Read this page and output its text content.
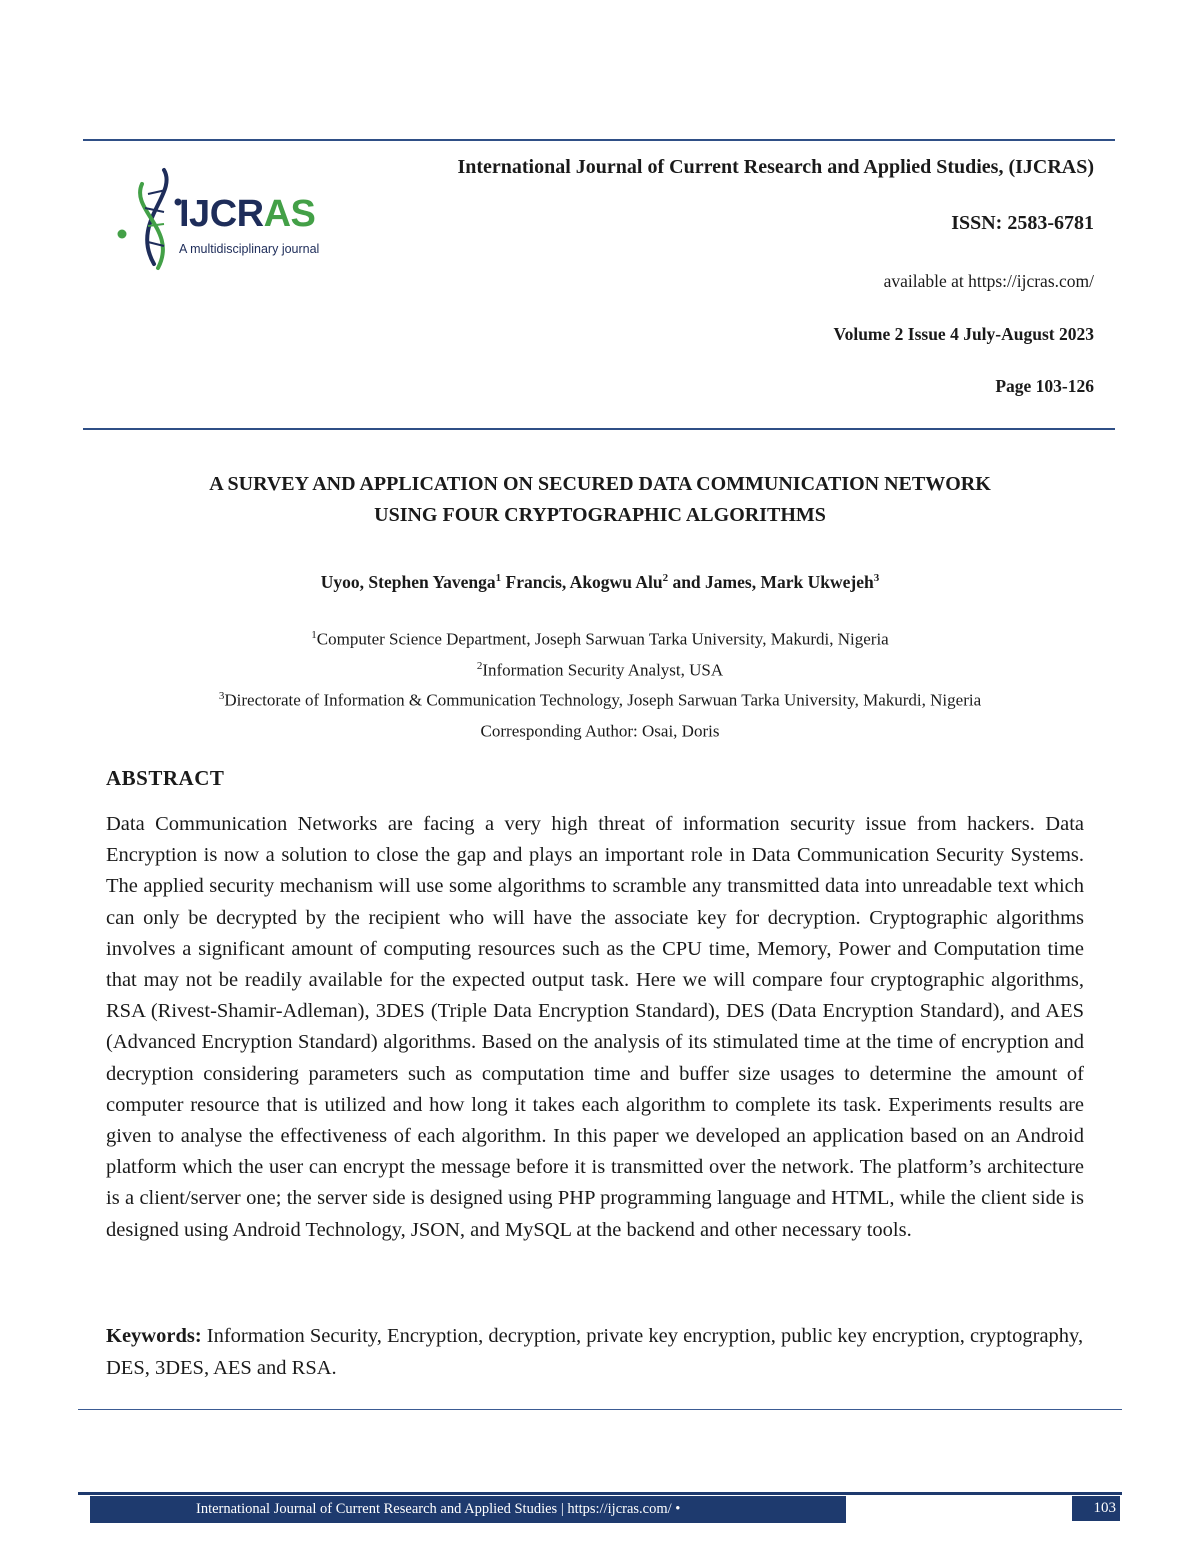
IJCRAS
A multidisciplinary journal
International Journal of Current Research and Applied Studies, (IJCRAS)
ISSN: 2583-6781
available at https://ijcras.com/
Volume 2 Issue 4 July-August 2023
Page 103-126
A SURVEY AND APPLICATION ON SECURED DATA COMMUNICATION NETWORK
USING FOUR CRYPTOGRAPHIC ALGORITHMS
Uyoo, Stephen Yavenga$^1$ Francis, Akogwu Alu$^2$ and James, Mark Ukwejeh$^3$
$^1$Computer Science Department, Joseph Sarwuan Tarka University, Makurdi, Nigeria
$^2$Information Security Analyst, USA
$^3$Directorate of Information & Communication Technology, Joseph Sarwuan Tarka University, Makurdi, Nigeria
Corresponding Author: Osai, Doris
ABSTRACT

Data Communication Networks are facing a very high threat of information security issue from hackers. Data Encryption is now a solution to close the gap and plays an important role in Data Communication Security Systems. The applied security mechanism will use some algorithms to scramble any transmitted data into unreadable text which can only be decrypted by the recipient who will have the associate key for decryption. Cryptographic algorithms involves a significant amount of computing resources such as the CPU time, Memory, Power and Computation time that may not be readily available for the expected output task. Here we will compare four cryptographic algorithms, RSA (Rivest-Shamir-Adleman), 3DES (Triple Data Encryption Standard), DES (Data Encryption Standard), and AES (Advanced Encryption Standard) algorithms. Based on the analysis of its stimulated time at the time of encryption and decryption considering parameters such as computation time and buffer size usages to determine the amount of computer resource that is utilized and how long it takes each algorithm to complete its task. Experiments results are given to analyse the effectiveness of each algorithm. In this paper we developed an application based on an Android platform which the user can encrypt the message before it is transmitted over the network. The platform’s architecture is a client/server one; the server side is designed using PHP programming language and HTML, while the client side is designed using Android Technology, JSON, and MySQL at the backend and other necessary tools.

Keywords: Information Security, Encryption, decryption, private key encryption, public key encryption, cryptography, DES, 3DES, AES and RSA.

International Journal of Current Research and Applied Studies | https://ijcras.com/ •	103
